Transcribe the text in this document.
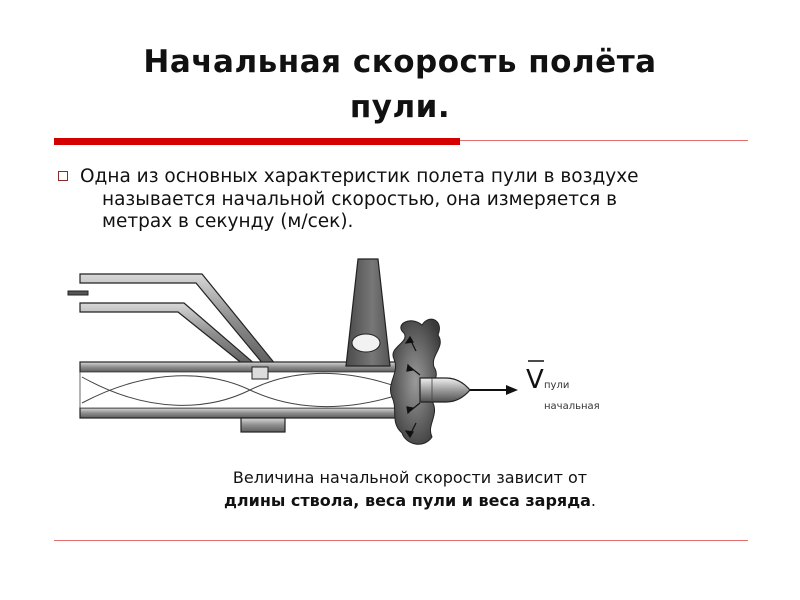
Начальная скорость полёта
пули.
Одна из основных характеристик полета пули в воздухе называется начальной скоростью, она измеряется в метрах в секунду (м/сек).
V пули
начальная
Величина начальной скорости зависит от
длины ствола, веса пули и веса заряда.
